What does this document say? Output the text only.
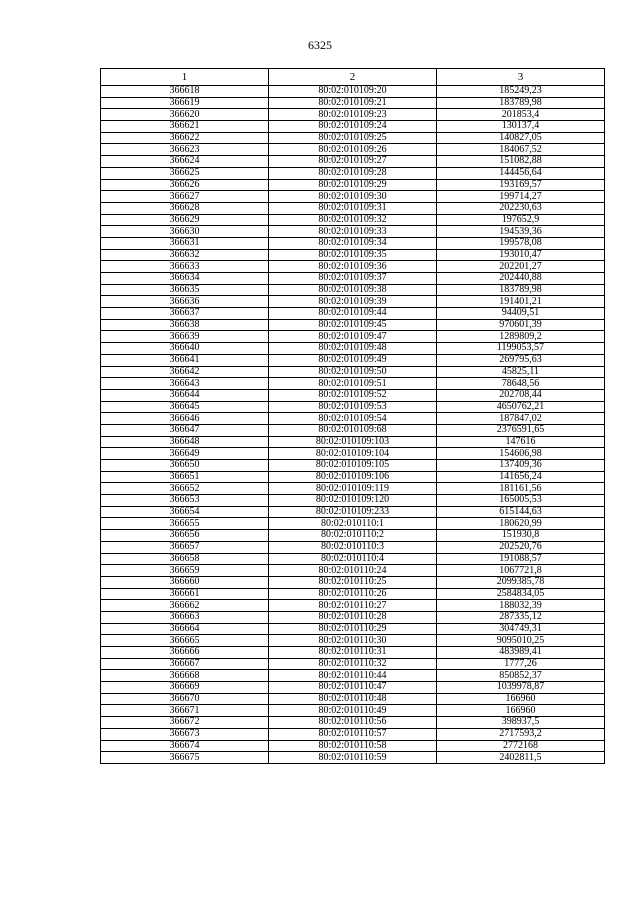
6325
1	2	3
366618	80:02:010109:20	185249,23
366619	80:02:010109:21	183789,98
366620	80:02:010109:23	201853,4
366621	80:02:010109:24	130137,4
366622	80:02:010109:25	140827,05
366623	80:02:010109:26	184067,52
366624	80:02:010109:27	151082,88
366625	80:02:010109:28	144456,64
366626	80:02:010109:29	193169,57
366627	80:02:010109:30	199714,27
366628	80:02:010109:31	202230,63
366629	80:02:010109:32	197652,9
366630	80:02:010109:33	194539,36
366631	80:02:010109:34	199578,08
366632	80:02:010109:35	193010,47
366633	80:02:010109:36	202201,27
366634	80:02:010109:37	202440,88
366635	80:02:010109:38	183789,98
366636	80:02:010109:39	191401,21
366637	80:02:010109:44	94409,51
366638	80:02:010109:45	970601,39
366639	80:02:010109:47	1289809,2
366640	80:02:010109:48	1199053,57
366641	80:02:010109:49	269795,63
366642	80:02:010109:50	45825,11
366643	80:02:010109:51	78648,56
366644	80:02:010109:52	202708,44
366645	80:02:010109:53	4650762,21
366646	80:02:010109:54	187847,02
366647	80:02:010109:68	2376591,65
366648	80:02:010109:103	147616
366649	80:02:010109:104	154606,98
366650	80:02:010109:105	137409,36
366651	80:02:010109:106	141656,24
366652	80:02:010109:119	181161,56
366653	80:02:010109:120	165005,53
366654	80:02:010109:233	615144,63
366655	80:02:010110:1	180620,99
366656	80:02:010110:2	151930,8
366657	80:02:010110:3	202520,76
366658	80:02:010110:4	191088,57
366659	80:02:010110:24	1067721,8
366660	80:02:010110:25	2099385,78
366661	80:02:010110:26	2584834,05
366662	80:02:010110:27	188032,39
366663	80:02:010110:28	287335,12
366664	80:02:010110:29	304749,31
366665	80:02:010110:30	9095010,25
366666	80:02:010110:31	483989,41
366667	80:02:010110:32	1777,26
366668	80:02:010110:44	850852,37
366669	80:02:010110:47	1039978,87
366670	80:02:010110:48	166960
366671	80:02:010110:49	166960
366672	80:02:010110:56	398937,5
366673	80:02:010110:57	2717593,2
366674	80:02:010110:58	2772168
366675	80:02:010110:59	2402811,5
